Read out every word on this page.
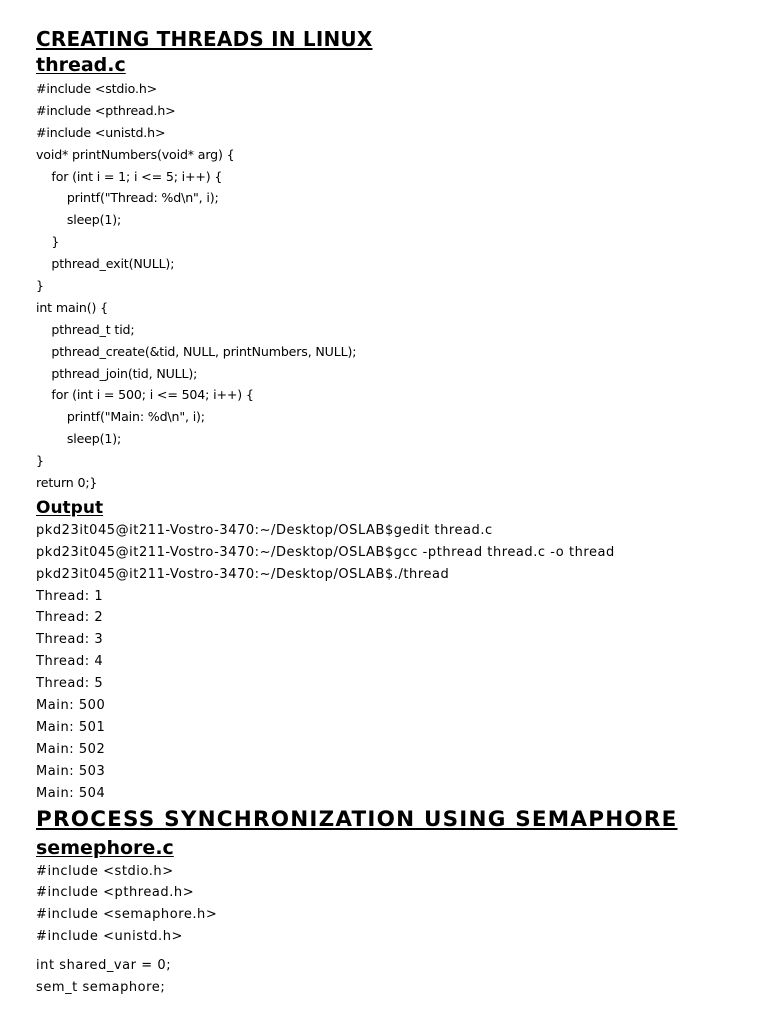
CREATING THREADS IN LINUX
thread.c
#include <stdio.h>
#include <pthread.h>
#include <unistd.h>
void* printNumbers(void* arg) {
for (int i = 1; i <= 5; i++) {
printf("Thread: %d\n", i);
sleep(1);
}
pthread_exit(NULL);
}
int main() {
pthread_t tid;
pthread_create(&tid, NULL, printNumbers, NULL);
pthread_join(tid, NULL);
for (int i = 500; i <= 504; i++) {
printf("Main: %d\n", i);
sleep(1);
}
return 0;}
Output
pkd23it045@it211-Vostro-3470:~/Desktop/OSLAB$gedit thread.c
pkd23it045@it211-Vostro-3470:~/Desktop/OSLAB$gcc -pthread thread.c -o thread
pkd23it045@it211-Vostro-3470:~/Desktop/OSLAB$./thread
Thread: 1
Thread: 2
Thread: 3
Thread: 4
Thread: 5
Main: 500
Main: 501
Main: 502
Main: 503
Main: 504
PROCESS SYNCHRONIZATION USING SEMAPHORE
semephore.c
#include <stdio.h>
#include <pthread.h>
#include <semaphore.h>
#include <unistd.h>
int shared_var = 0;
sem_t semaphore;
